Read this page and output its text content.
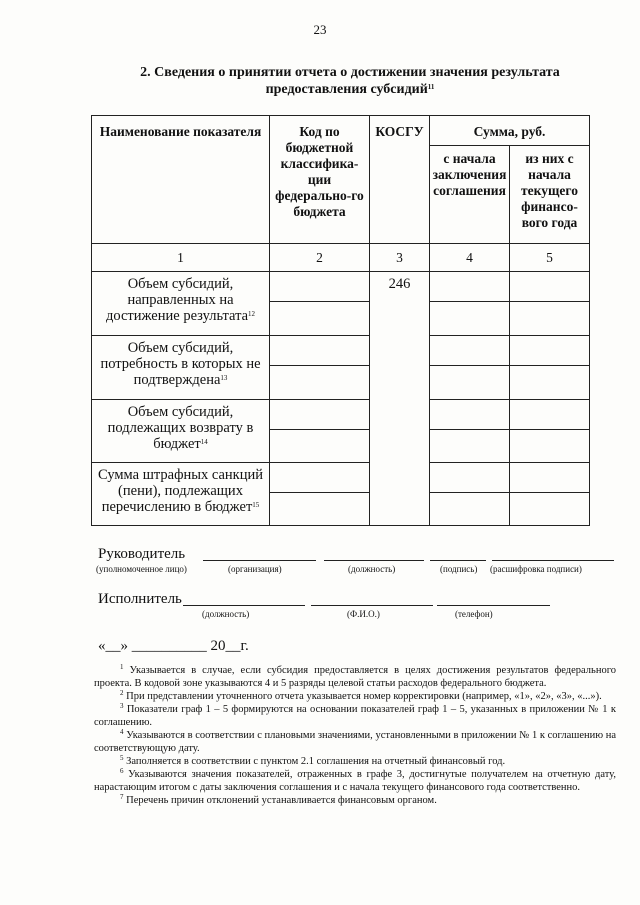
23
2. Сведения о принятии отчета о достижении значения результата
предоставления субсидий$^{11}$
Наименование показателя	Код по бюджетной классифика-ции федерально-го бюджета	КОСГУ	Сумма, руб.	
			с начала заключения соглашения	из них с начала текущего финансо-вого года
1	2	3	4	5
Объем субсидий, направленных на достижение результата$^{12}$		246		

Объем субсидий, потребность в которых не подтверждена$^{13}$			

Объем субсидий, подлежащих возврату в бюджет$^{14}$			

Сумма штрафных санкций (пени), подлежащих перечислению в бюджет$^{15}$			

Руководитель
(уполномоченное лицо)	(организация)	(должность)	(подпись) (расшифровка подписи)
Исполнитель
(должность)	(Ф.И.О.)	(телефон)
«__» __________ 20__г.

$^1$ Указывается в случае, если субсидия предоставляется в целях достижения результатов федерального проекта. В кодовой зоне указываются 4 и 5 разряды целевой статьи расходов федерального бюджета.

$^2$ При представлении уточненного отчета указывается номер корректировки (например, «1», «2», «3», «...»).

$^3$ Показатели граф 1 – 5 формируются на основании показателей граф 1 – 5, указанных в приложении № 1 к соглашению.

$^4$ Указываются в соответствии с плановыми значениями, установленными в приложении № 1 к соглашению на соответствующую дату.

$^5$ Заполняется в соответствии с пунктом 2.1 соглашения на отчетный финансовый год.

$^6$ Указываются значения показателей, отраженных в графе 3, достигнутые получателем на отчетную дату, нарастающим итогом с даты заключения соглашения и с начала текущего финансового года соответственно.

$^7$ Перечень причин отклонений устанавливается финансовым органом.
